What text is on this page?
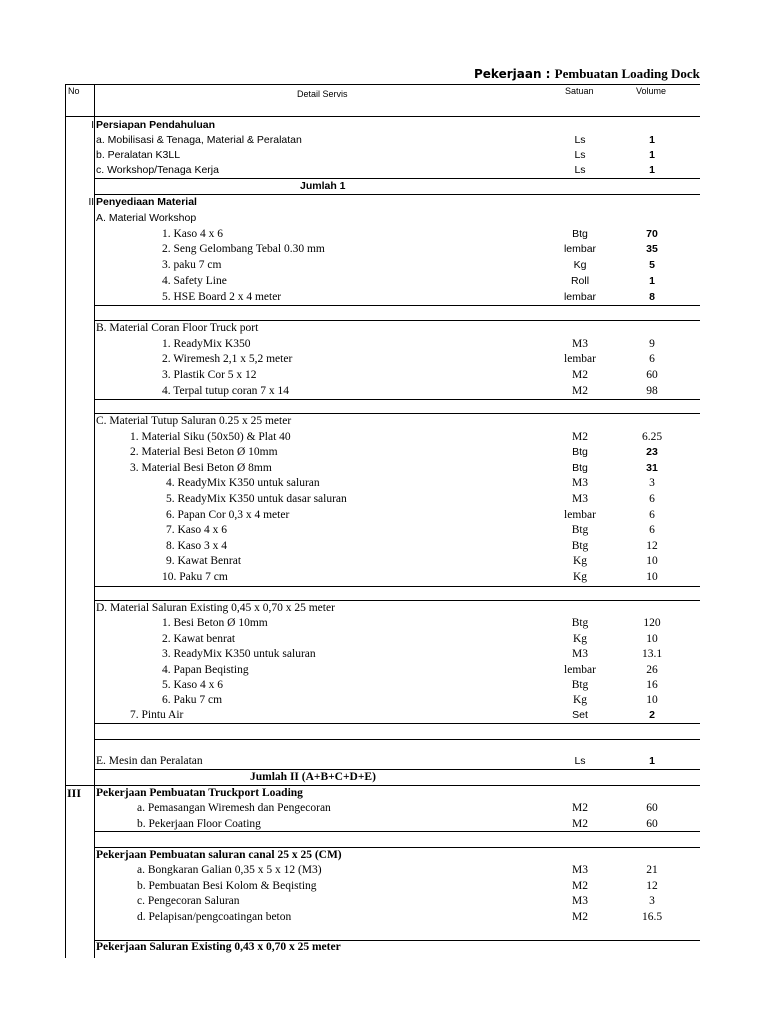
Pekerjaan : Pembuatan Loading Dock
No	Detail Servis	Satuan	Volume
I Persiapan Pendahuluan
a. Mobilisasi & Tenaga, Material & Peralatan	Ls	1
b. Peralatan K3LL	Ls	1
c. Workshop/Tenaga Kerja	Ls	1
Jumlah 1
II Penyediaan Material
A. Material Workshop
1. Kaso 4 x 6	Btg	70
2. Seng Gelombang Tebal 0.30 mm	lembar	35
3. paku 7 cm	Kg	5
4. Safety Line	Roll	1
5. HSE Board 2 x 4 meter	lembar	8
B. Material Coran Floor Truck port
1. ReadyMix K350	M3	9
2. Wiremesh 2,1 x 5,2 meter	lembar	6
3. Plastik Cor 5 x 12	M2	60
4. Terpal tutup coran 7 x 14	M2	98
C. Material Tutup Saluran 0.25 x 25 meter
1. Material Siku (50x50) & Plat 40	M2	6.25
2. Material Besi Beton Ø 10mm	Btg	23
3. Material Besi Beton Ø 8mm	Btg	31
4. ReadyMix K350 untuk saluran	M3	3
5. ReadyMix K350 untuk dasar saluran	M3	6
6. Papan Cor 0,3 x 4 meter	lembar	6
7. Kaso 4 x 6	Btg	6
8. Kaso 3 x 4	Btg	12
9. Kawat Benrat	Kg	10
10. Paku 7 cm	Kg	10
D. Material Saluran Existing 0,45 x 0,70 x 25 meter
1. Besi Beton Ø 10mm	Btg	120
2. Kawat benrat	Kg	10
3. ReadyMix K350 untuk saluran	M3	13.1
4. Papan Beqisting	lembar	26
5. Kaso 4 x 6	Btg	16
6. Paku 7 cm	Kg	10
7. Pintu Air	Set	2
E. Mesin dan Peralatan	Ls	1
Jumlah II (A+B+C+D+E)
III	Pekerjaan Pembuatan Truckport Loading
a. Pemasangan Wiremesh dan Pengecoran	M2	60
b. Pekerjaan Floor Coating	M2	60
Pekerjaan Pembuatan saluran canal 25 x 25 (CM)
a. Bongkaran Galian 0,35 x 5 x 12 (M3)	M3	21
b. Pembuatan Besi Kolom & Beqisting	M2	12
c. Pengecoran Saluran	M3	3
d. Pelapisan/pengcoatingan beton	M2	16.5
Pekerjaan Saluran Existing 0,43 x 0,70 x 25 meter
